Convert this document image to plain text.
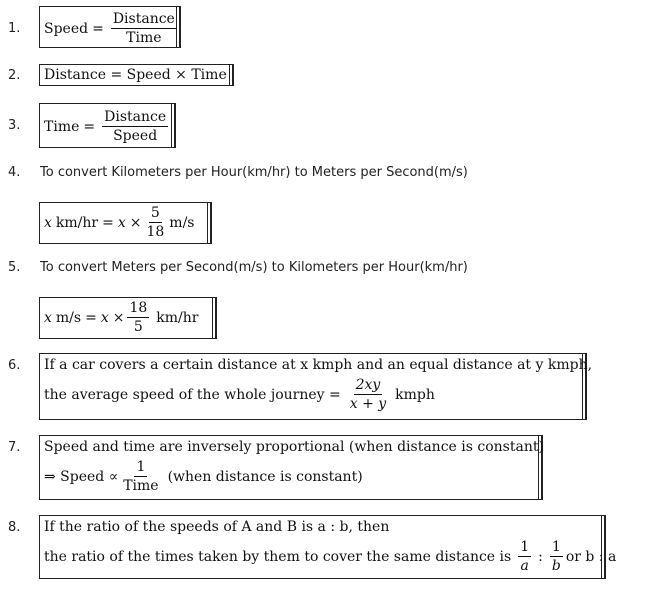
1. Speed = $\frac{\text{Distance}}{\text{Time}}$
2. Distance = Speed × Time
3. Time = $\frac{\text{Distance}}{\text{Speed}}$
4. To convert Kilometers per Hour(km/hr) to Meters per Second(m/s)
x $km/hr = x \times \frac{5}{18} m/s$
5. To convert Meters per Second(m/s) to Kilometers per Hour(km/hr)
x $m/s = x \times \frac{18}{5} km/hr$
6. If a car covers a certain distance at x kmph and an equal distance at y kmph,
the average speed of the whole journey = $\frac{2xy}{x + y}$ kmph
7. Speed and time are inversely proportional (when distance is constant)
⇒ Speed ∝ $\frac{1}{\text{Time}}$ (when distance is constant)
8. If the ratio of the speeds of A and B is a : b, then
the ratio of the times taken by them to cover the same distance is $\frac{1}{a}$ : $\frac{1}{b}$ or b : a
